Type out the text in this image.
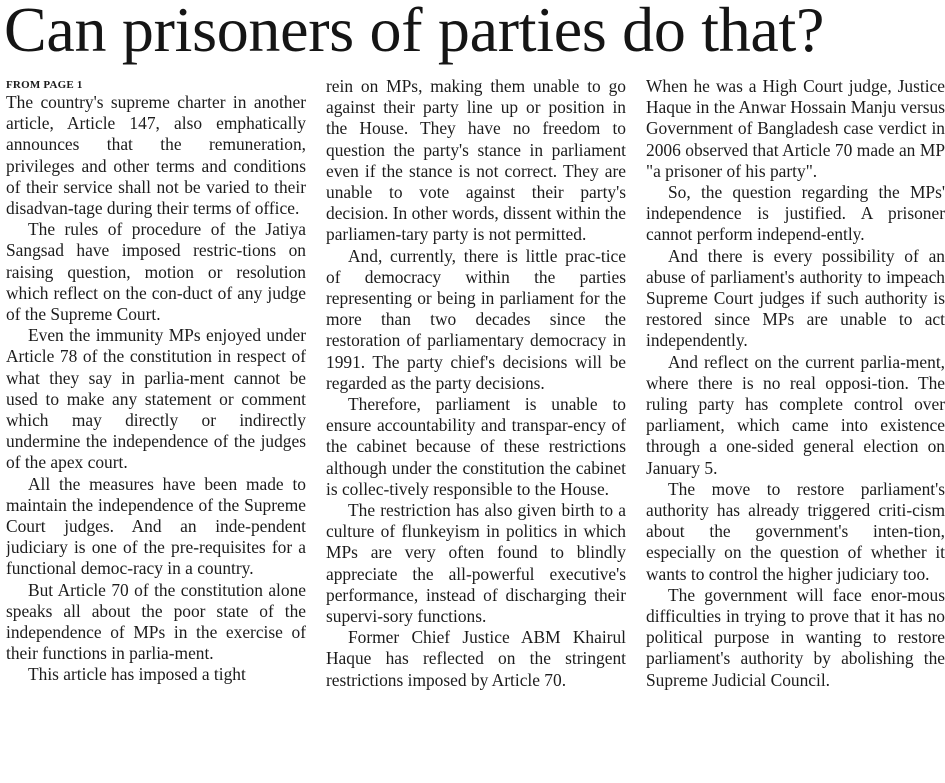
Can prisoners of parties do that?
FROM PAGE 1

The country's supreme charter in another article, Article 147, also emphatically announces that the remuneration, privileges and other terms and conditions of their service shall not be varied to their disadvan-tage during their terms of office.

The rules of procedure of the Jatiya Sangsad have imposed restric-tions on raising question, motion or resolution which reflect on the con-duct of any judge of the Supreme Court.

Even the immunity MPs enjoyed under Article 78 of the constitution in respect of what they say in parlia-ment cannot be used to make any statement or comment which may directly or indirectly undermine the independence of the judges of the apex court.

All the measures have been made to maintain the independence of the Supreme Court judges. And an inde-pendent judiciary is one of the pre-requisites for a functional democ-racy in a country.

But Article 70 of the constitution alone speaks all about the poor state of the independence of MPs in the exercise of their functions in parlia-ment.

This article has imposed a tight

rein on MPs, making them unable to go against their party line up or position in the House. They have no freedom to question the party's stance in parliament even if the stance is not correct. They are unable to vote against their party's decision. In other words, dissent within the parliamen-tary party is not permitted.

And, currently, there is little prac-tice of democracy within the parties representing or being in parliament for the more than two decades since the restoration of parliamentary democracy in 1991. The party chief's decisions will be regarded as the party decisions.

Therefore, parliament is unable to ensure accountability and transpar-ency of the cabinet because of these restrictions although under the constitution the cabinet is collec-tively responsible to the House.

The restriction has also given birth to a culture of flunkeyism in politics in which MPs are very often found to blindly appreciate the all-powerful executive's performance, instead of discharging their supervi-sory functions.

Former Chief Justice ABM Khairul Haque has reflected on the stringent restrictions imposed by Article 70.

When he was a High Court judge, Justice Haque in the Anwar Hossain Manju versus Government of Bangladesh case verdict in 2006 observed that Article 70 made an MP "a prisoner of his party".

So, the question regarding the MPs' independence is justified. A prisoner cannot perform independ-ently.

And there is every possibility of an abuse of parliament's authority to impeach Supreme Court judges if such authority is restored since MPs are unable to act independently.

And reflect on the current parlia-ment, where there is no real opposi-tion. The ruling party has complete control over parliament, which came into existence through a one-sided general election on January 5.

The move to restore parliament's authority has already triggered criti-cism about the government's inten-tion, especially on the question of whether it wants to control the higher judiciary too.

The government will face enor-mous difficulties in trying to prove that it has no political purpose in wanting to restore parliament's authority by abolishing the Supreme Judicial Council.
